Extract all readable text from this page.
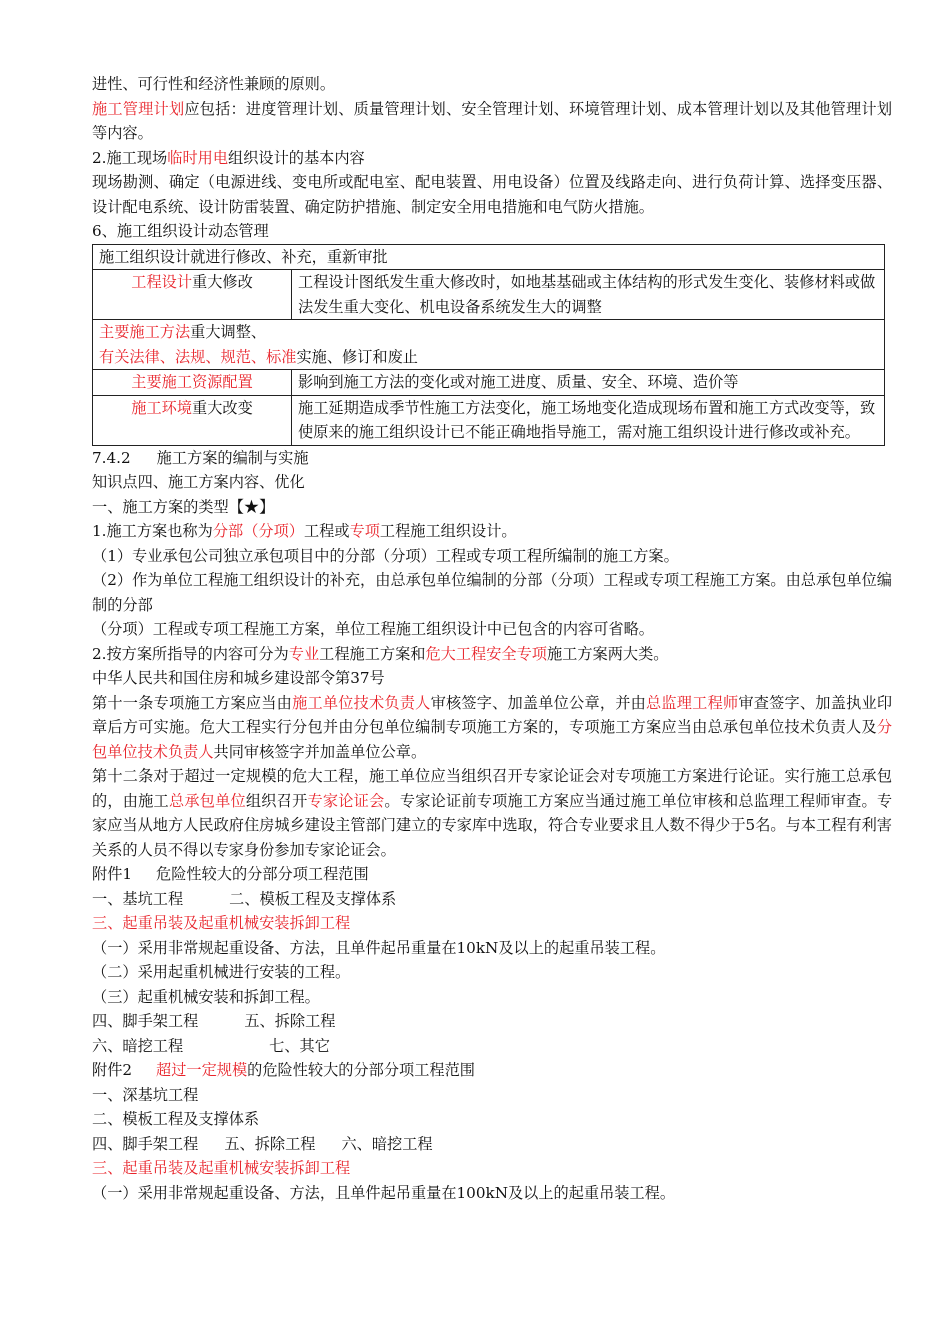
进性、可行性和经济性兼顾的原则。

施工管理计划应包括：进度管理计划、质量管理计划、安全管理计划、环境管理计划、成本管理计划以及其他管理计划等内容。

2.施工现场临时用电组织设计的基本内容

现场勘测、确定（电源进线、变电所或配电室、配电装置、用电设备）位置及线路走向、进行负荷计算、选择变压器、设计配电系统、设计防雷装置、确定防护措施、制定安全用电措施和电气防火措施。

6、施工组织设计动态管理

施工组织设计就进行修改、补充，重新审批	
工程设计重大修改	工程设计图纸发生重大修改时，如地基基础或主体结构的形式发生变化、装修材料或做法发生重大变化、机电设备系统发生大的调整
主要施工方法重大调整、
有关法律、法规、规范、标准实施、修订和废止	
主要施工资源配置	影响到施工方法的变化或对施工进度、质量、安全、环境、造价等
施工环境重大改变	施工延期造成季节性施工方法变化，施工场地变化造成现场布置和施工方式改变等，致使原来的施工组织设计已不能正确地指导施工，需对施工组织设计进行修改或补充。

7.4.2 施工方案的编制与实施

知识点四、施工方案内容、优化

一、施工方案的类型【★】

1.施工方案也称为分部（分项）工程或专项工程施工组织设计。

（1）专业承包公司独立承包项目中的分部（分项）工程或专项工程所编制的施工方案。

（2）作为单位工程施工组织设计的补充，由总承包单位编制的分部（分项）工程或专项工程施工方案。由总承包单位编制的分部

（分项）工程或专项工程施工方案，单位工程施工组织设计中已包含的内容可省略。

2.按方案所指导的内容可分为专业工程施工方案和危大工程安全专项施工方案两大类。

中华人民共和国住房和城乡建设部令第37号

第十一条专项施工方案应当由施工单位技术负责人审核签字、加盖单位公章，并由总监理工程师审查签字、加盖执业印章后方可实施。危大工程实行分包并由分包单位编制专项施工方案的，专项施工方案应当由总承包单位技术负责人及分包单位技术负责人共同审核签字并加盖单位公章。

第十二条对于超过一定规模的危大工程，施工单位应当组织召开专家论证会对专项施工方案进行论证。实行施工总承包的，由施工总承包单位组织召开专家论证会。专家论证前专项施工方案应当通过施工单位审核和总监理工程师审查。专家应当从地方人民政府住房城乡建设主管部门建立的专家库中选取，符合专业要求且人数不得少于5名。与本工程有利害关系的人员不得以专家身份参加专家论证会。

附件1 危险性较大的分部分项工程范围

一、基坑工程	二、模板工程及支撑体系

三、起重吊装及起重机械安装拆卸工程

（一）采用非常规起重设备、方法，且单件起吊重量在10kN及以上的起重吊装工程。

（二）采用起重机械进行安装的工程。

（三）起重机械安装和拆卸工程。

四、脚手架工程	五、拆除工程

六、暗挖工程	七、其它

附件2 超过一定规模的危险性较大的分部分项工程范围

一、深基坑工程

二、模板工程及支撑体系

四、脚手架工程 五、拆除工程 六、暗挖工程

三、起重吊装及起重机械安装拆卸工程

（一）采用非常规起重设备、方法，且单件起吊重量在100kN及以上的起重吊装工程。
